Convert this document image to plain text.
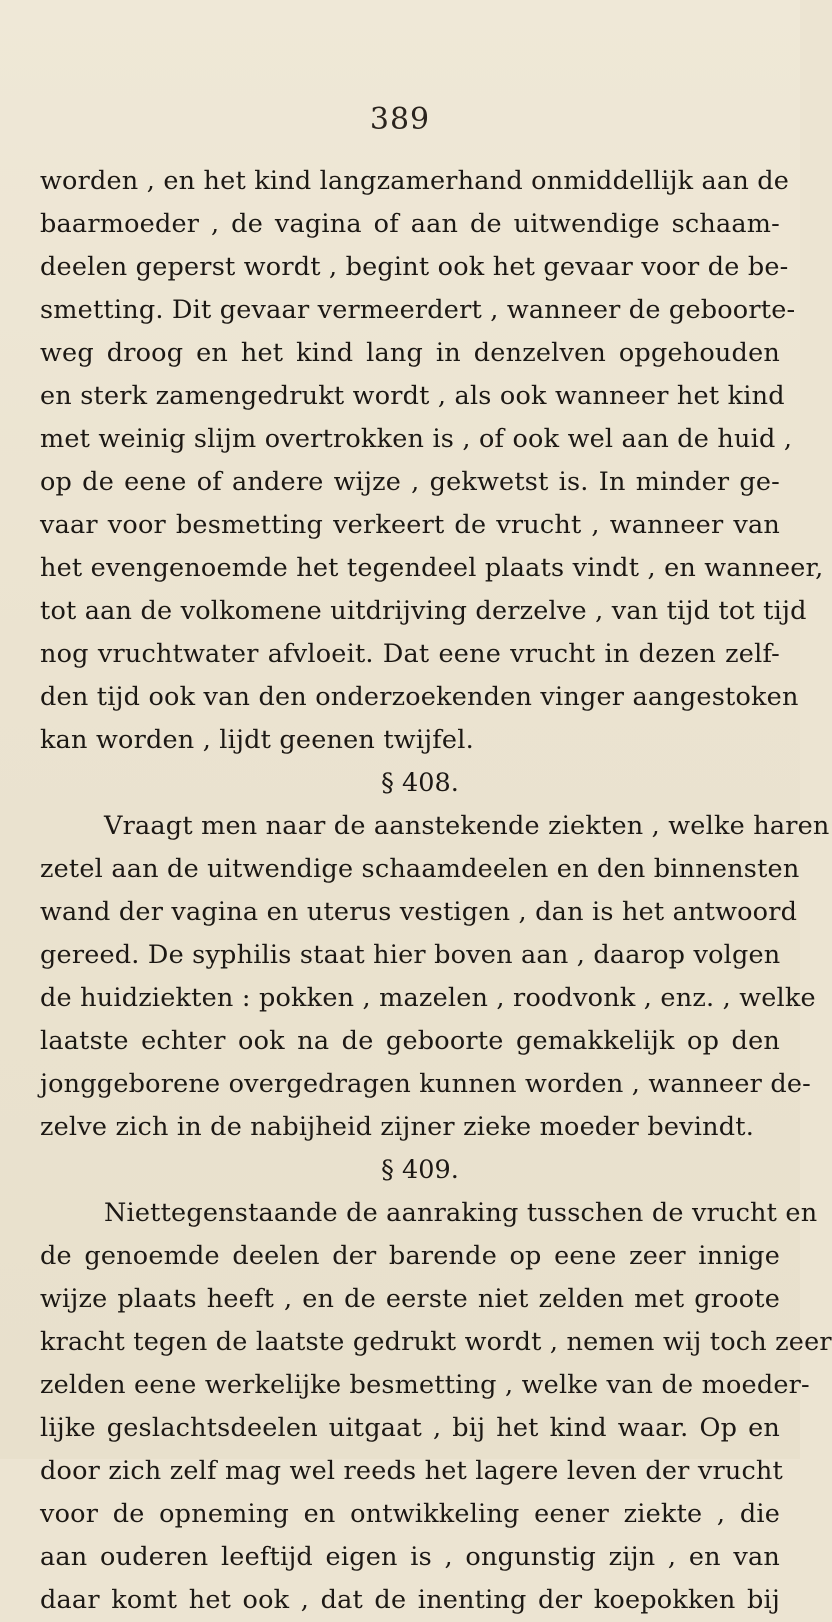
389
worden , en het kind langzamerhand onmiddellijk aan de
baarmoeder , de vagina of aan de uitwendige schaam-
deelen geperst wordt , begint ook het gevaar voor de be-
smetting. Dit gevaar vermeerdert , wanneer de geboorte-
weg droog en het kind lang in denzelven opgehouden
en sterk zamengedrukt wordt , als ook wanneer het kind
met weinig slijm overtrokken is , of ook wel aan de huid ,
op de eene of andere wijze , gekwetst is. In minder ge-
vaar voor besmetting verkeert de vrucht , wanneer van
het evengenoemde het tegendeel plaats vindt , en wanneer,
tot aan de volkomene uitdrijving derzelve , van tijd tot tijd
nog vruchtwater afvloeit. Dat eene vrucht in dezen zelf-
den tijd ook van den onderzoekenden vinger aangestoken
kan worden , lijdt geenen twijfel.
§ 408.
Vraagt men naar de aanstekende ziekten , welke haren
zetel aan de uitwendige schaamdeelen en den binnensten
wand der vagina en uterus vestigen , dan is het antwoord
gereed. De syphilis staat hier boven aan , daarop volgen
de huidziekten : pokken , mazelen , roodvonk , enz. , welke
laatste echter ook na de geboorte gemakkelijk op den
jonggeborene overgedragen kunnen worden , wanneer de-
zelve zich in de nabijheid zijner zieke moeder bevindt.
§ 409.
Niettegenstaande de aanraking tusschen de vrucht en
de genoemde deelen der barende op eene zeer innige
wijze plaats heeft , en de eerste niet zelden met groote
kracht tegen de laatste gedrukt wordt , nemen wij toch zeer
zelden eene werkelijke besmetting , welke van de moeder-
lijke geslachtsdeelen uitgaat , bij het kind waar. Op en
door zich zelf mag wel reeds het lagere leven der vrucht
voor de opneming en ontwikkeling eener ziekte , die
aan ouderen leeftijd eigen is , ongunstig zijn , en van
daar komt het ook , dat de inenting der koepokken bij
